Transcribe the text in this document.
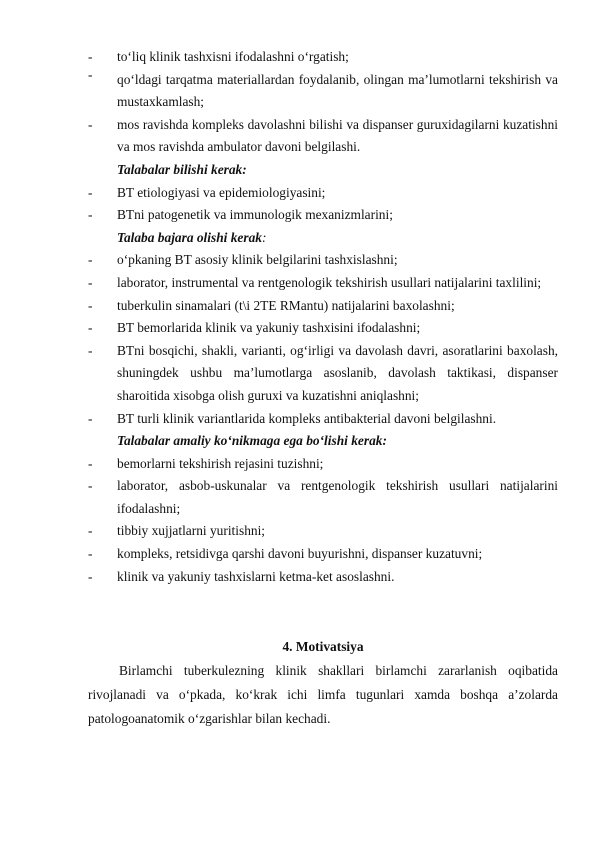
- to‘liq klinik tashxisni ifodalashni o‘rgatish;
- qo‘ldagi tarqatma materiallardan foydalanib, olingan ma’lumotlarni tekshirish va mustaxkamlash;
- mos ravishda kompleks davolashni bilishi va dispanser guruxidagilarni kuzatishni va mos ravishda ambulator davoni belgilashi.
Talabalar bilishi kerak:
- BT etiologiyasi va epidemiologiyasini;
- BTni patogenetik va immunologik mexanizmlarini;
Talaba bajara olishi kerak:
- o‘pkaning BT asosiy klinik belgilarini tashxislashni;
- laborator, instrumental va rentgenologik tekshirish usullari natijalarini taxlilini;
- tuberkulin sinamalari (t\i 2TE RMantu) natijalarini baxolashni;
- BT bemorlarida klinik va yakuniy tashxisini ifodalashni;
- BTni bosqichi, shakli, varianti, og‘irligi va davolash davri, asoratlarini baxolash, shuningdek ushbu ma’lumotlarga asoslanib, davolash taktikasi, dispanser sharoitida xisobga olish guruxi va kuzatishni aniqlashni;
- BT turli klinik variantlarida kompleks antibakterial davoni belgilashni.
Talabalar amaliy ko‘nikmaga ega bo‘lishi kerak:
- bemorlarni tekshirish rejasini tuzishni;
- laborator, asbob-uskunalar va rentgenologik tekshirish usullari natijalarini ifodalashni;
- tibbiy xujjatlarni yuritishni;
- kompleks, retsidivga qarshi davoni buyurishni, dispanser kuzatuvni;
- klinik va yakuniy tashxislarni ketma-ket asoslashni.
4. Motivatsiya
Birlamchi tuberkulezning klinik shakllari birlamchi zararlanish oqibatida rivojlanadi va o‘pkada, ko‘krak ichi limfa tugunlari xamda boshqa a’zolarda patologoanatomik o‘zgarishlar bilan kechadi.
